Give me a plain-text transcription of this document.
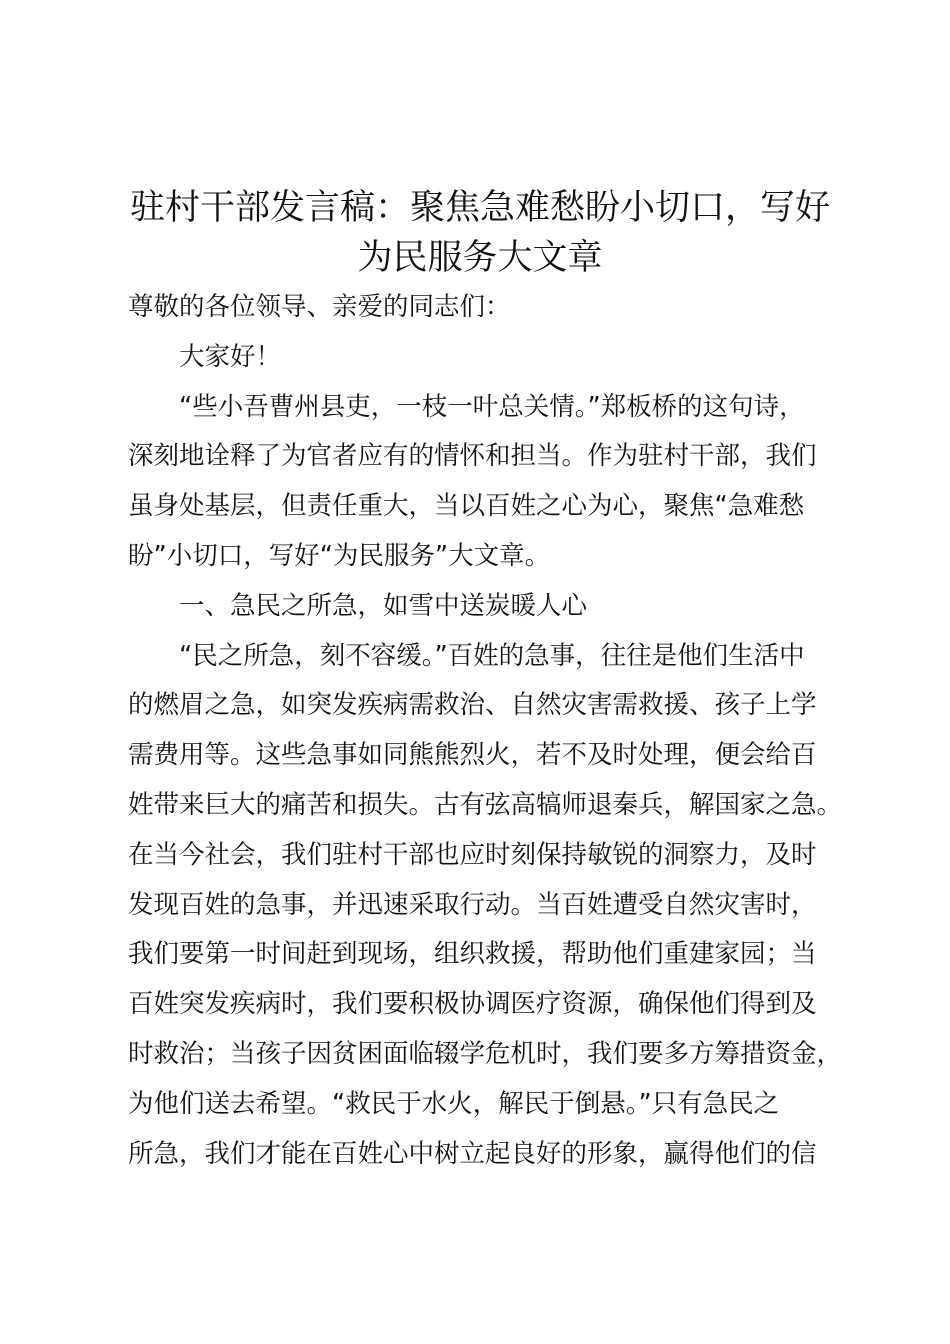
驻村干部发言稿：聚焦急难愁盼小切口，写好
为民服务大文章
尊敬的各位领导、亲爱的同志们：
大家好！
“些小吾曹州县吏，一枝一叶总关情。”郑板桥的这句诗，
深刻地诠释了为官者应有的情怀和担当。作为驻村干部，我们
虽身处基层，但责任重大，当以百姓之心为心，聚焦“急难愁
盼”小切口，写好“为民服务”大文章。
一、急民之所急，如雪中送炭暖人心
“民之所急，刻不容缓。”百姓的急事，往往是他们生活中
的燃眉之急，如突发疾病需救治、自然灾害需救援、孩子上学
需费用等。这些急事如同熊熊烈火，若不及时处理，便会给百
姓带来巨大的痛苦和损失。古有弦高犒师退秦兵，解国家之急。
在当今社会，我们驻村干部也应时刻保持敏锐的洞察力，及时
发现百姓的急事，并迅速采取行动。当百姓遭受自然灾害时，
我们要第一时间赶到现场，组织救援，帮助他们重建家园；当
百姓突发疾病时，我们要积极协调医疗资源，确保他们得到及
时救治；当孩子因贫困面临辍学危机时，我们要多方筹措资金，
为他们送去希望。“救民于水火，解民于倒悬。”只有急民之
所急，我们才能在百姓心中树立起良好的形象，赢得他们的信
